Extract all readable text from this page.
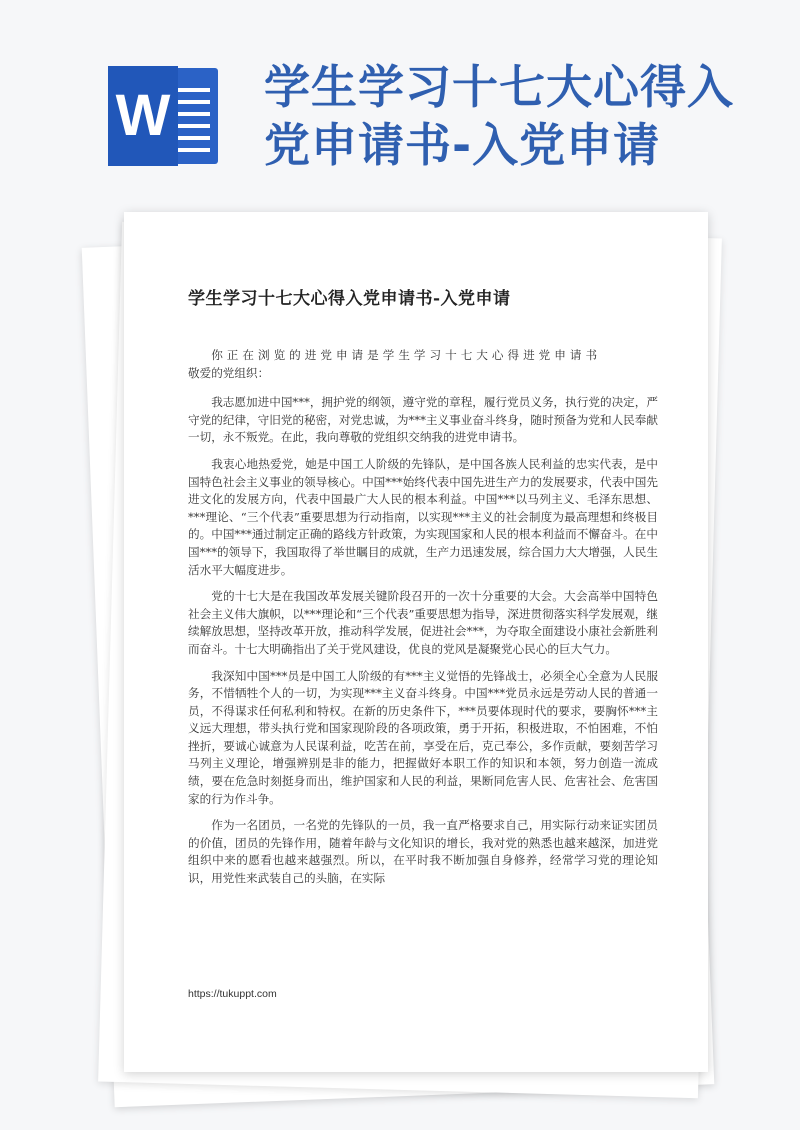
W 学生学习十七大心得入
党申请书-入党申请
学生学习十七大心得入党申请书-入党申请

你正在浏览的进党申请是学生学习十七大心得进党申请书

敬爱的党组织：

我志愿加进中国***，拥护党的纲领，遵守党的章程，履行党员义务，执行党的决定，严守党的纪律，守旧党的秘密，对党忠诚，为***主义事业奋斗终身，随时预备为党和人民奉献一切，永不叛党。在此，我向尊敬的党组织交纳我的进党申请书。

我衷心地热爱党，她是中国工人阶级的先锋队，是中国各族人民利益的忠实代表，是中国特色社会主义事业的领导核心。中国***始终代表中国先进生产力的发展要求，代表中国先进文化的发展方向，代表中国最广大人民的根本利益。中国***以马列主义、毛泽东思想、***理论、“三个代表”重要思想为行动指南，以实现***主义的社会制度为最高理想和终极目的。中国***通过制定正确的路线方针政策，为实现国家和人民的根本利益而不懈奋斗。在中国***的领导下，我国取得了举世瞩目的成就，生产力迅速发展，综合国力大大增强，人民生活水平大幅度进步。

党的十七大是在我国改革发展关键阶段召开的一次十分重要的大会。大会高举中国特色社会主义伟大旗帜，以***理论和“三个代表”重要思想为指导，深进贯彻落实科学发展观，继续解放思想，坚持改革开放，推动科学发展，促进社会***，为夺取全面建设小康社会新胜利而奋斗。十七大明确指出了关于党风建设，优良的党风是凝聚党心民心的巨大气力。

我深知中国***员是中国工人阶级的有***主义觉悟的先锋战士，必须全心全意为人民服务，不惜牺牲个人的一切，为实现***主义奋斗终身。中国***党员永远是劳动人民的普通一员，不得谋求任何私利和特权。在新的历史条件下，***员要体现时代的要求，要胸怀***主义远大理想，带头执行党和国家现阶段的各项政策，勇于开拓，积极进取，不怕困难，不怕挫折，要诚心诚意为人民谋利益，吃苦在前，享受在后，克己奉公，多作贡献，要刻苦学习马列主义理论，增强辨别是非的能力，把握做好本职工作的知识和本领，努力创造一流成绩，要在危急时刻挺身而出，维护国家和人民的利益，果断同危害人民、危害社会、危害国家的行为作斗争。

作为一名团员，一名党的先锋队的一员，我一直严格要求自己，用实际行动来证实团员的价值，团员的先锋作用，随着年龄与文化知识的增长，我对党的熟悉也越来越深，加进党组织中来的愿看也越来越强烈。所以，在平时我不断加强自身修养，经常学习党的理论知识，用党性来武装自己的头脑，在实际

https://tukuppt.com
